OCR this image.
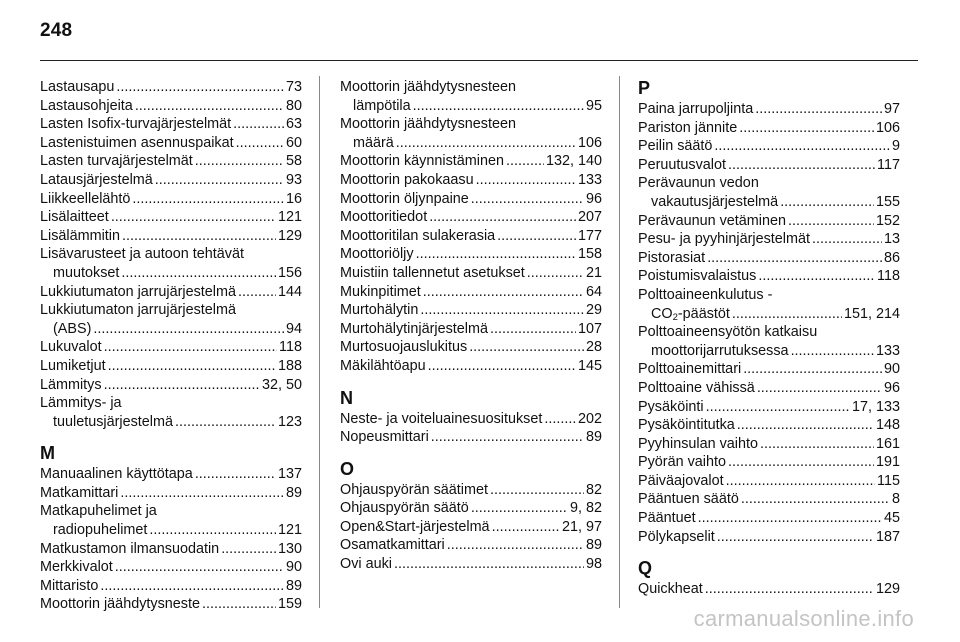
248
Lastausapu .....	73
Lastausohjeita .....	80
Lasten Isofix-turvajärjestelmät .....	63
Lastenistuimen asennuspaikat .....	60
Lasten turvajärjestelmät .....	58
Latausjärjestelmä .....	93
Liikkeellelähtö .....	16
Lisälaitteet .....	121
Lisälämmitin .....	129
Lisävarusteet ja autoon tehtävät
muutokset .....	156
Lukkiutumaton jarrujärjestelmä .....	144
Lukkiutumaton jarrujärjestelmä
(ABS) .....	94
Lukuvalot .....	118
Lumiketjut .....	188
Lämmitys .....	32, 50
Lämmitys- ja
tuuletusjärjestelmä .....	123
M
Manuaalinen käyttötapa .....	137
Matkamittari .....	89
Matkapuhelimet ja
radiopuhelimet .....	121
Matkustamon ilmansuodatin .....	130
Merkkivalot .....	90
Mittaristo .....	89
Moottorin jäähdytysneste .....	159
Moottorin jäähdytysnesteen
lämpötila .....	95
Moottorin jäähdytysnesteen
määrä .....	106
Moottorin käynnistäminen .....	132, 140
Moottorin pakokaasu .....	133
Moottorin öljynpaine .....	96
Moottoritiedot .....	207
Moottoritilan sulakerasia .....	177
Moottoriöljy .....	158
Muistiin tallennetut asetukset .....	21
Mukinpitimet .....	64
Murtohälytin .....	29
Murtohälytinjärjestelmä .....	107
Murtosuojauslukitus .....	28
Mäkilähtöapu .....	145
N
Neste- ja voiteluainesuositukset ..... 202
Nopeusmittari .....	89
O
Ohjauspyörän säätimet .....	82
Ohjauspyörän säätö .....	9, 82
Open&Start-järjestelmä .....	21, 97
Osamatkamittari .....	89
Ovi auki .....	98
P
Paina jarrupoljinta .....	97
Pariston jännite .....	106
Peilin säätö .....	9
Peruutusvalot .....	117
Perävaunun vedon
vakautusjärjestelmä .....	155
Perävaunun vetäminen .....	152
Pesu- ja pyyhinjärjestelmät .....	13
Pistorasiat .....	86
Poistumisvalaistus .....	118
Polttoaineenkulutus -
$CO_2$-päästöt .....	151, 214
Polttoaineensyötön katkaisu
moottorijarrutuksessa .....	133
Polttoainemittari .....	90
Polttoaine vähissä .....	96
Pysäköinti .....	17, 133
Pysäköintitutka .....	148
Pyyhinsulan vaihto .....	161
Pyörän vaihto .....	191
Päiväajovalot .....	115
Pääntuen säätö .....	8
Pääntuet .....	45
Pölykapselit .....	187
Q
Quickheat .....	129
carmanualsonline.info
